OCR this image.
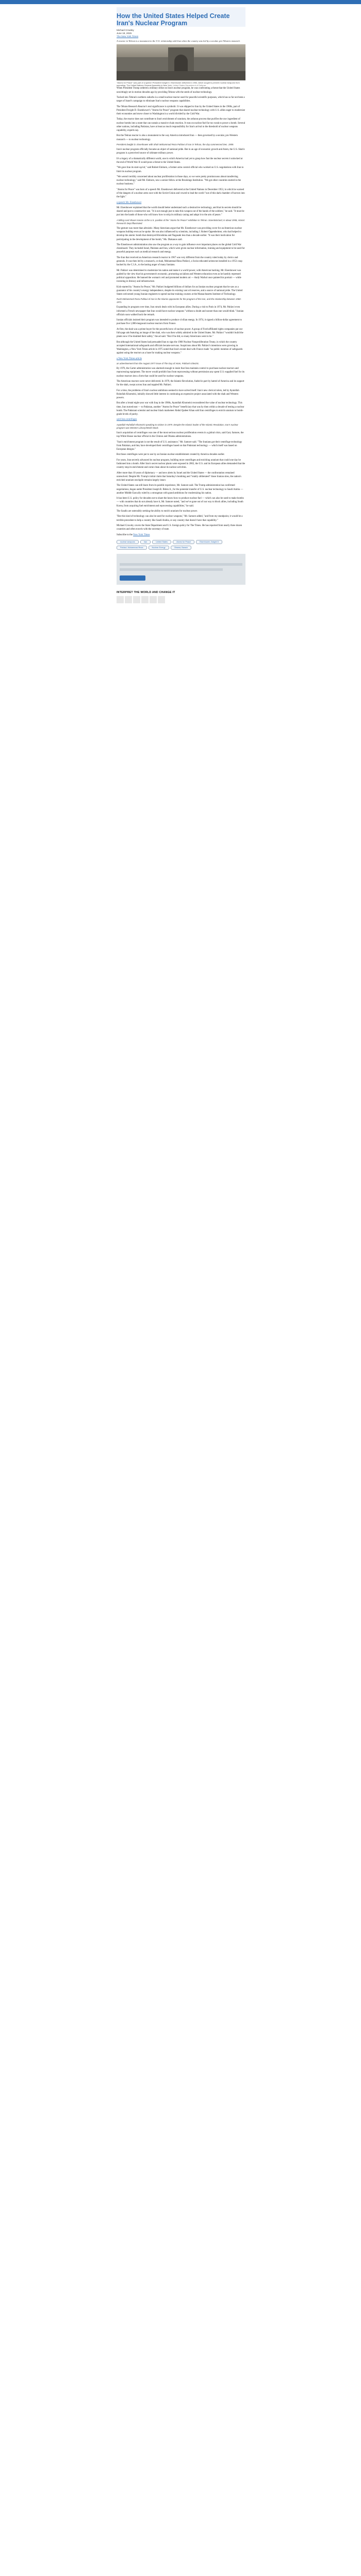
How the United States Helped Create Iran's Nuclear Program
Michael Crowley
June 19, 2025
The New York Times
A reactor in Tehran is a monument to the U.S. relationship with Iran when the country was led by a secular, pro-Western monarch.
"Atoms for Peace" was part of a speech President Dwight D. Eisenhower delivered in 1953, which sought to prevent nuclear weapons from spreading. The United Nations General Assembly in New York. United States Department of Defense

When President Trump ordered a military strike on Iran's nuclear program, he was confronting a threat that the United States unwittingly set in motion decades ago by providing Tehran with the seeds of nuclear technology.

Tucked into Tehran's northern suburbs is a small nuclear reactor used for peaceful scientific purposes, which has so far not been a target of Israel's campaign to eliminate Iran's nuclear weapons capabilities.

The Tehran Research Reactor's real significance is symbolic: It was shipped to Iran by the United States in the 1960s, part of President Dwight D. Eisenhower's "Atoms for Peace" program that shared nuclear technology with U.S. allies eager to modernize their economies and move closer to Washington in a world divided by the Cold War.

Today, the reactor does not contribute to Iran's enrichment of uranium, the arduous process that purifies the raw ingredient of nuclear bombs into a state that can sustain a massive chain reaction. It runs on nuclear fuel far too weak to power a bomb. Several other nations, including Pakistan, have at least as much responsibility for Iran's arrival to the threshold of nuclear weapons capability, experts say.

But the Tehran reactor is also a monument to the way America introduced Iran — then governed by a secular, pro-Western monarch — to nuclear technology.

President Dwight D. Eisenhower with Shah Mohammad Reza Pahlavi of Iran in Tehran, the day commenced Dec. 1959.

Iran's nuclear program officially became an object of national pride. But in an age of economic growth and Atom, the U.S. Shah's program is a perceived source of ultimate military power.

It's a legacy of a dramatically different world, one in which America had yet to grasp how fast the nuclear secrets it unlocked at the end of World War II would pose a threat to the United States.

"We gave Iran its start-up kit," said Robert Einhorn, a former arms control official who worked on U.S. negotiations with Iran to limit its nuclear program.

"We weren't terribly concerned about nuclear proliferation in those days, so we were pretty promiscuous about transferring nuclear technology," said Mr. Einhorn, now a senior fellow at the Brookings Institution. "We got other countries started in the nuclear business."

"Atoms for Peace" was born of a speech Mr. Eisenhower delivered at the United Nations in December 1953, in which he warned of the dangers of a nuclear arms race with the Soviet Union and vowed to lead the world "out of this dark chamber of horrors into the light."

a speech Mr. Eisenhower

Mr. Eisenhower explained that the world should better understand such a destructive technology, and that its secrets should be shared and put to constructive use. "It is not enough just to take this weapon out of the hands of the soldiers," he said. "It must be put into the hands of those who will know how to strip its military casing and adapt it to the arts of peace."

A billing card shows Iranian at the U.S. pavilion of the "Atoms for Peace" exhibition in Tehran. Scientists/and, in about 1958, Atomic Research Dept./lllustrated.

The gesture was more than altruistic. Many historians argue that Mr. Eisenhower was providing cover for an American nuclear weapons buildup even as he spoke. He was also influenced by scientists, including J. Robert Oppenheimer, who had helped to develop the atomic bomb that destroyed Hiroshima and Nagasaki less than a decade earlier. "It was their motivation for participating in the development of the bomb," Ms. Diakanos said.

The Eisenhower administration also saw the program as a way to gain influence over important places on the global Cold War chessboard. They included Israel, Pakistan and Iran, which were given nuclear information, training and equipment to be used for peaceful purposes such as medical research and energy.

The Iran that received an American research reactor in 1967 was very different from the country ruled today by clerics and generals. It was then led by a monarch, or shah, Mohammad Reza Pahlavi, a Swiss-educated aristocrat installed in a 1953 coup backed by the C.I.A., to the lasting anger of many Iranians.

Mr. Pahlavi was determined to modernize his nation and make it a world power, with American backing. Mr. Eisenhower was guided by the view that his government's economic, promoting socialism and Western education even as he harshly repressed political opposition. He banned the woman's veil and promoted modern art — Andy Warhol once painted his portrait — while investing in literacy and infrastructure.

Kick-started by "Atoms for Peace," Mr. Pahlavi budgeted billions of dollars for an Iranian nuclear program that he saw as a guarantor of his country's energy independence, despite its existing vast oil reserves, and a source of national pride. The United States welcomed young Iranian engineers to spend nuclear training courses at the Massachusetts Institute of Technology.

Rush Mohammed Reza Pahlavi of Iran in the Islamic opponents for the program of the Iran, and the relationship between 1960-1971.

Expanding its program over time, Iran struck deals with its European allies. During a visit to Paris in 1974, Mr. Pahlavi even informed a French newspaper that Iran would have nuclear weapons "without a doubt and sooner than one would think." Iranian officials soon walked back the remark.

Iranian officials insisted their program was intended to produce civilian energy. In 1974, it signed a billion-dollar agreement to purchase five 1,000-megawatt nuclear reactors from France.

At first, the shah was a prime buyer for the powerful new of nuclear power. A group of Ford-affiliated rights companies put out full-page ads featuring an image of the shah, who was then widely admired in the United States. Mr. Pahlavi "wouldn't build the plants now if he doubted their safety," the ad said. "But if he did, so many Americans went to be."

But although the United States had persuaded Iran to sign the 1968 Nuclear Nonproliferation Treaty, in which the country accepted international safeguards and officials became nervous. Suspicions about Mr. Pahlavi's intentions were growing in Washington, a New York Times article in 1975 noted that Iran's recent deal with France made "no public mention of safeguards against using the reactors as a base for making nuclear weapons."

a New York Times article

an advertisement from the August 1977 issue of The Day of Atom, Pahlavi's Electric.

By 1976, the Carter administration was alarmed enough to insist that Iran maintain control to purchase nuclear reactors and reprocessing equipment. The move would prohibit Iran from reprocessing without permission any spent U.S.-supplied fuel for its nuclear reactors into a form that could be used for nuclear weapons.

The American reactors were never delivered. In 1979, the Islamic Revolution, fueled in part by hatred of America and its support for the shah, swept across Iran and toppled Mr. Pahlavi.

For a time, the problems of Iran's nuclear ambitions seemed to have solved itself. Iran's new clerical rulers, led by Ayatollah Ruhollah Khomeini, initially showed little interest in continuing an expensive project associated with the shah and Western powers.

But after a brutal eight-year war with Iraq in the 1980s, Ayatollah Khomeini reconsidered the value of nuclear technology. This time, Iran turned east — to Pakistan, another "Atoms for Peace" beneficiary that was by then within a decade of testing a nuclear bomb. The Pakistani scientist and nuclear black marketeer Abdul Qadeer Khan sold Iran centrifuges to enrich uranium to bomb-grade levels of purity.

sold Iran centrifuges

Ayatollah Ruhollah Khomeini speaking to visitors in 1979. Despite the Islamic leader of the Islamic Revolution, Iran's nuclear program was Western Library/World Stock.

Iran's acquisition of centrifuges was one of the most serious nuclear proliferation events in a global crisis, said Gary Samore, the top White House nuclear official in the Clinton and Obama administrations.

"Iran's enrichment program is not the result of U.S. assistance," Mr. Samore said. "The Iranians got their centrifuge technology from Pakistan, and they have developed their centrifuges based on that Pakistani technology — which itself was based on European designs."

But those centrifuges were put to use by an Iranian nuclear establishment created by America decades earlier.

For years, Iran secretly advanced its nuclear program, building more centrifuges and enriching uranium that could one day be fashioned into a bomb. After Iran's secret nuclear plants were exposed in 2002, the U.S. and its European allies demanded that the country stop its enrichment and come clean about its nuclear activities.

After more than 10 years of diplomacy — and new alerts by Israel and the United States — the confrontation remained unresolved. Despite Mr. Trump's initial claim that Saturday's bombing and "totally obliterated" those Iranian sites, the nation's enriched uranium stockpile remains largely intact.

The United States can still learn from its painful experience, Mr. Samore said. The Trump administration has confirmed negotiations, began under President Joseph R. Biden Jr., for the potential transfer of U.S. nuclear technology to Saudi Arabia — another Middle East ally ruled by a strongman with grand ambitions for modernizing his nation.

It has been U.S. policy for decades not to share the know-how to produce nuclear fuel — which can also be used to make bombs — with countries that do not already have it, Mr. Samore noted, "and we've gone out of our way to block allies, including South Korea, from acquiring fuel enrichment and reprocessing capabilities," he said.

The Saudis are ostensibly seeking the ability to enrich uranium for nuclear power.

"But this kind of technology can also be used for nuclear weapons," Mr. Samore added, "and from my standpoint, it would be a terrible precedent to help a country like Saudi Arabia, or any country that doesn't have that capability."

Michael Crowley covers the State Department and U.S. foreign policy for The Times. He has reported from nearly three dozen countries and often travels with the secretary of state.

Subscribe to the New York Times

nuclear weapons	Iran	United States	Atoms for Peace	Eisenhower, Dwight D
Pahlavi, Mohammad Reza	Nuclear Energy	Obama, Barack
INTERPRET THE WORLD AND CHANGE IT
